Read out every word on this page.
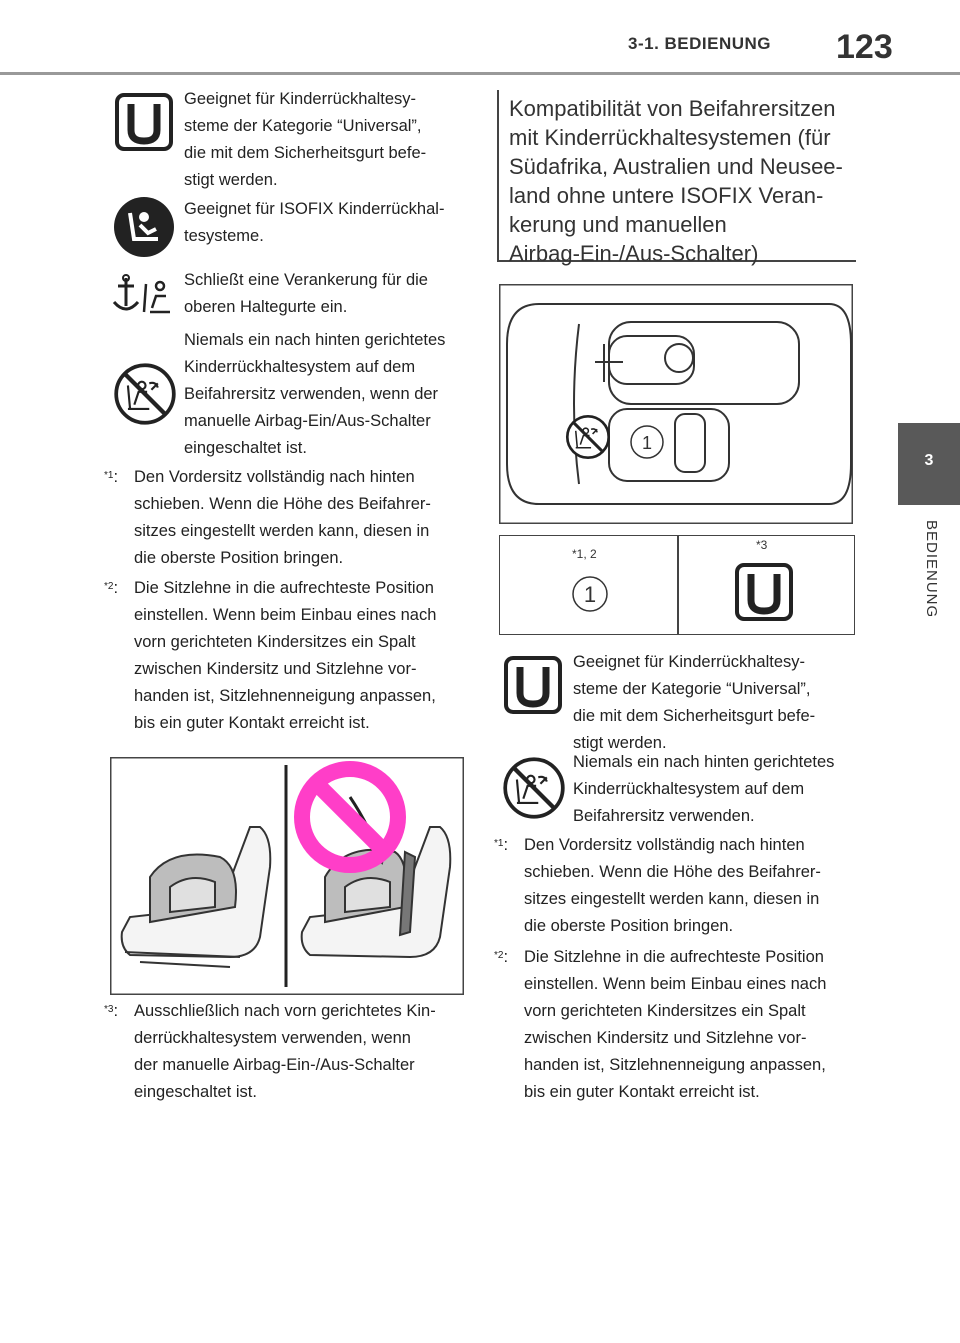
3-1. BEDIENUNG 123
3
BEDIENUNG
Geeignet für Kinderrückhaltesy-
steme der Kategorie “Universal”,
die mit dem Sicherheitsgurt befe-
stigt werden.
Geeignet für ISOFIX Kinderrückhal-
tesysteme.
Schließt eine Verankerung für die
oberen Haltegurte ein.
Niemals ein nach hinten gerichtetes
Kinderrückhaltesystem auf dem
Beifahrersitz verwenden, wenn der
manuelle Airbag-Ein/Aus-Schalter
eingeschaltet ist.
$^{*1}$: Den Vordersitz vollständig nach hinten
schieben. Wenn die Höhe des Beifahrer-
sitzes eingestellt werden kann, diesen in
die oberste Position bringen.
$^{*2}$: Die Sitzlehne in die aufrechteste Position
einstellen. Wenn beim Einbau eines nach
vorn gerichteten Kindersitzes ein Spalt
zwischen Kindersitz und Sitzlehne vor-
handen ist, Sitzlehnenneigung anpassen,
bis ein guter Kontakt erreicht ist.
$^{*3}$: Ausschließlich nach vorn gerichtetes Kin-
derrückhaltesystem verwenden, wenn
der manuelle Airbag-Ein-/Aus-Schalter
eingeschaltet ist.
Kompatibilität von Beifahrersitzen
mit Kinderrückhaltesystemen (für
Südafrika, Australien und Neusee-
land ohne untere ISOFIX Veran-
kerung und manuellen
Airbag-Ein-/Aus-Schalter)
1
*1, 2
1
*3
Geeignet für Kinderrückhaltesy-
steme der Kategorie “Universal”,
die mit dem Sicherheitsgurt befe-
stigt werden.
Niemals ein nach hinten gerichtetes
Kinderrückhaltesystem auf dem
Beifahrersitz verwenden.
$^{*1}$: Den Vordersitz vollständig nach hinten
schieben. Wenn die Höhe des Beifahrer-
sitzes eingestellt werden kann, diesen in
die oberste Position bringen.
$^{*2}$: Die Sitzlehne in die aufrechteste Position
einstellen. Wenn beim Einbau eines nach
vorn gerichteten Kindersitzes ein Spalt
zwischen Kindersitz und Sitzlehne vor-
handen ist, Sitzlehnenneigung anpassen,
bis ein guter Kontakt erreicht ist.
